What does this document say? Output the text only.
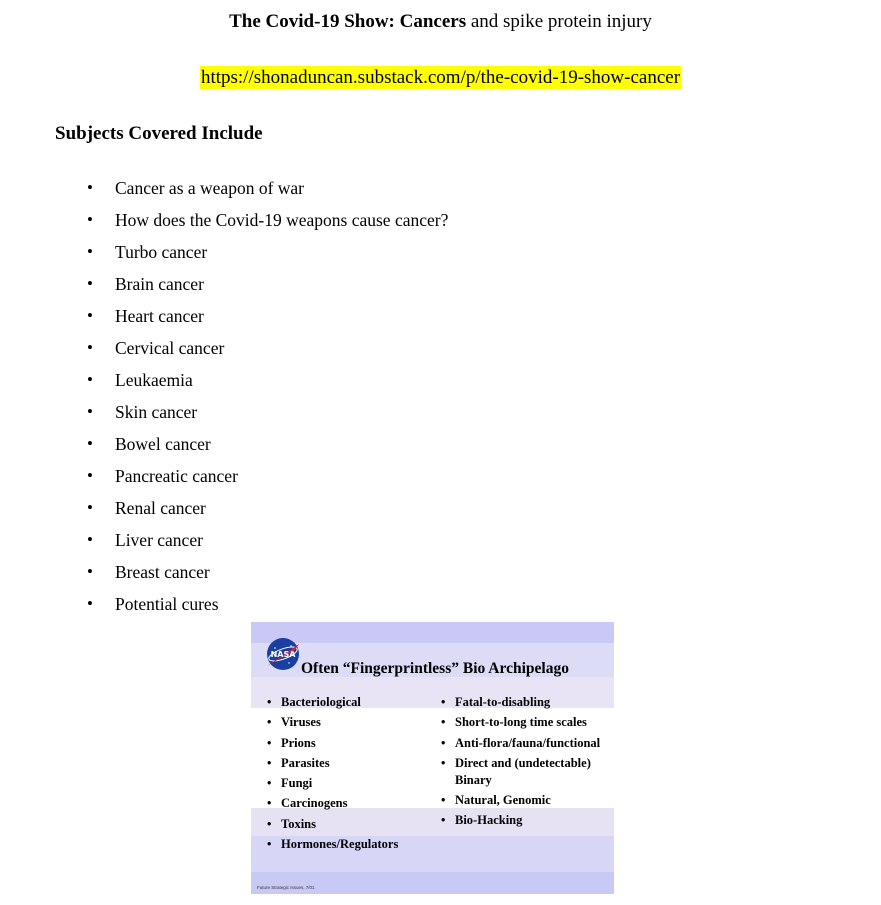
The Covid-19 Show: Cancers and spike protein injury
https://shonaduncan.substack.com/p/the-covid-19-show-cancer
Subjects Covered Include
• Cancer as a weapon of war
• How does the Covid-19 weapons cause cancer?
• Turbo cancer
• Brain cancer
• Heart cancer
• Cervical cancer
• Leukaemia
• Skin cancer
• Bowel cancer
• Pancreatic cancer
• Renal cancer
• Liver cancer
• Breast cancer
• Potential cures
NASA
Often “Fingerprintless” Bio Archipelago
• Bacteriological
• Viruses
• Prions
• Parasites
• Fungi
• Carcinogens
• Toxins
• Hormones/Regulators
• Fatal-to-disabling
• Short-to-long time scales
• Anti-flora/fauna/functional
• Direct and (undetectable) Binary
• Natural, Genomic
• Bio-Hacking
Future Strategic Issues, 7/01
